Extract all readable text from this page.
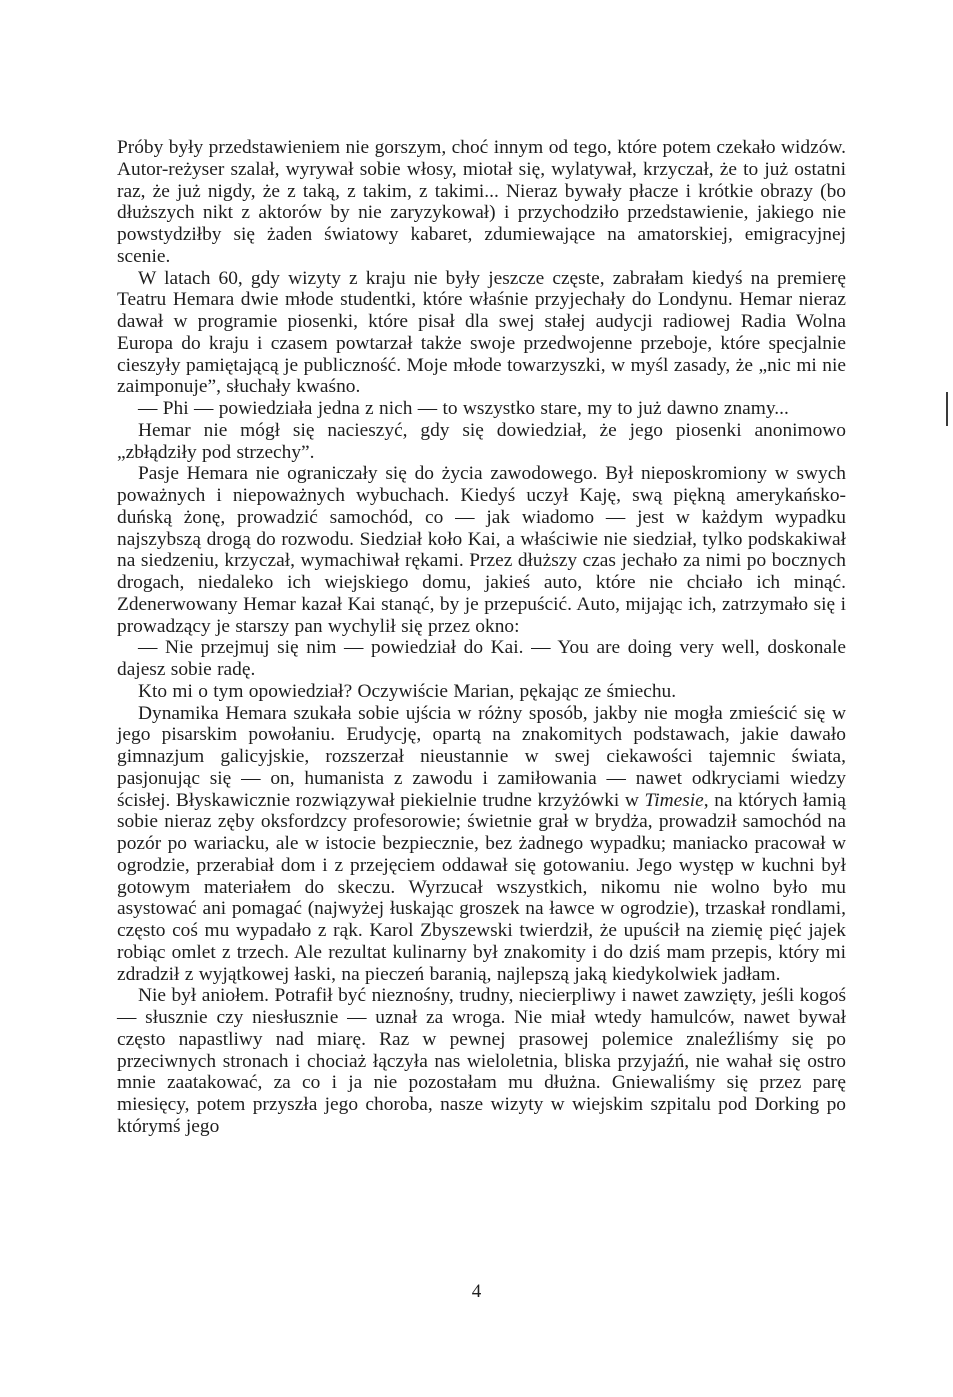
Próby były przedstawieniem nie gorszym, choć innym od tego, które potem czekało widzów. Autor-reżyser szalał, wyrywał sobie włosy, miotał się, wylatywał, krzyczał, że to już ostatni raz, że już nigdy, że z taką, z takim, z takimi... Nieraz bywały płacze i krótkie obrazy (bo dłuższych nikt z aktorów by nie zaryzykował) i przychodziło przedstawienie, jakiego nie powstydziłby się żaden światowy kabaret, zdumiewające na amatorskiej, emigracyjnej scenie.

W latach 60, gdy wizyty z kraju nie były jeszcze częste, zabrałam kiedyś na premierę Teatru Hemara dwie młode studentki, które właśnie przyjechały do Londynu. Hemar nieraz dawał w programie piosenki, które pisał dla swej stałej audycji radiowej Radia Wolna Europa do kraju i czasem powtarzał także swoje przedwojenne przeboje, które specjalnie cieszyły pamiętającą je publiczność. Moje młode towarzyszki, w myśl zasady, że „nic mi nie zaimponuje”, słuchały kwaśno.

— Phi — powiedziała jedna z nich — to wszystko stare, my to już dawno znamy...

Hemar nie mógł się nacieszyć, gdy się dowiedział, że jego piosenki anonimowo „zbłądziły pod strzechy”.

Pasje Hemara nie ograniczały się do życia zawodowego. Był nieposkromiony w swych poważnych i niepoważnych wybuchach. Kiedyś uczył Kaję, swą piękną amerykańsko-duńską żonę, prowadzić samochód, co — jak wiadomo — jest w każdym wypadku najszybszą drogą do rozwodu. Siedział koło Kai, a właściwie nie siedział, tylko podskakiwał na siedzeniu, krzyczał, wymachiwał rękami. Przez dłuższy czas jechało za nimi po bocznych drogach, niedaleko ich wiejskiego domu, jakieś auto, które nie chciało ich minąć. Zdenerwowany Hemar kazał Kai stanąć, by je przepuścić. Auto, mijając ich, zatrzymało się i prowadzący je starszy pan wychylił się przez okno:

— Nie przejmuj się nim — powiedział do Kai. — You are doing very well, doskonale dajesz sobie radę.

Kto mi o tym opowiedział? Oczywiście Marian, pękając ze śmiechu.

Dynamika Hemara szukała sobie ujścia w różny sposób, jakby nie mogła zmieścić się w jego pisarskim powołaniu. Erudycję, opartą na znakomitych podstawach, jakie dawało gimnazjum galicyjskie, rozszerzał nieustannie w swej ciekawości tajemnic świata, pasjonując się — on, humanista z zawodu i zamiłowania — nawet odkryciami wiedzy ścisłej. Błyskawicznie rozwiązywał piekielnie trudne krzyżówki w Timesie, na których łamią sobie nieraz zęby oksfordzcy profesorowie; świetnie grał w brydża, prowadził samochód na pozór po wariacku, ale w istocie bezpiecznie, bez żadnego wypadku; maniacko pracował w ogrodzie, przerabiał dom i z przejęciem oddawał się gotowaniu. Jego występ w kuchni był gotowym materiałem do skeczu. Wyrzucał wszystkich, nikomu nie wolno było mu asystować ani pomagać (najwyżej łuskając groszek na ławce w ogrodzie), trzaskał rondlami, często coś mu wypadało z rąk. Karol Zbyszewski twierdził, że upuścił na ziemię pięć jajek robiąc omlet z trzech. Ale rezultat kulinarny był znakomity i do dziś mam przepis, który mi zdradził z wyjątkowej łaski, na pieczeń baranią, najlepszą jaką kiedykolwiek jadłam.

Nie był aniołem. Potrafił być nieznośny, trudny, niecierpliwy i nawet zawzięty, jeśli kogoś — słusznie czy niesłusznie — uznał za wroga. Nie miał wtedy hamulców, nawet bywał często napastliwy nad miarę. Raz w pewnej prasowej polemice znaleźliśmy się po przeciwnych stronach i chociaż łączyła nas wieloletnia, bliska przyjaźń, nie wahał się ostro mnie zaatakować, za co i ja nie pozostałam mu dłużna. Gniewaliśmy się przez parę miesięcy, potem przyszła jego choroba, nasze wizyty w wiejskim szpitalu pod Dorking po którymś jego

4
